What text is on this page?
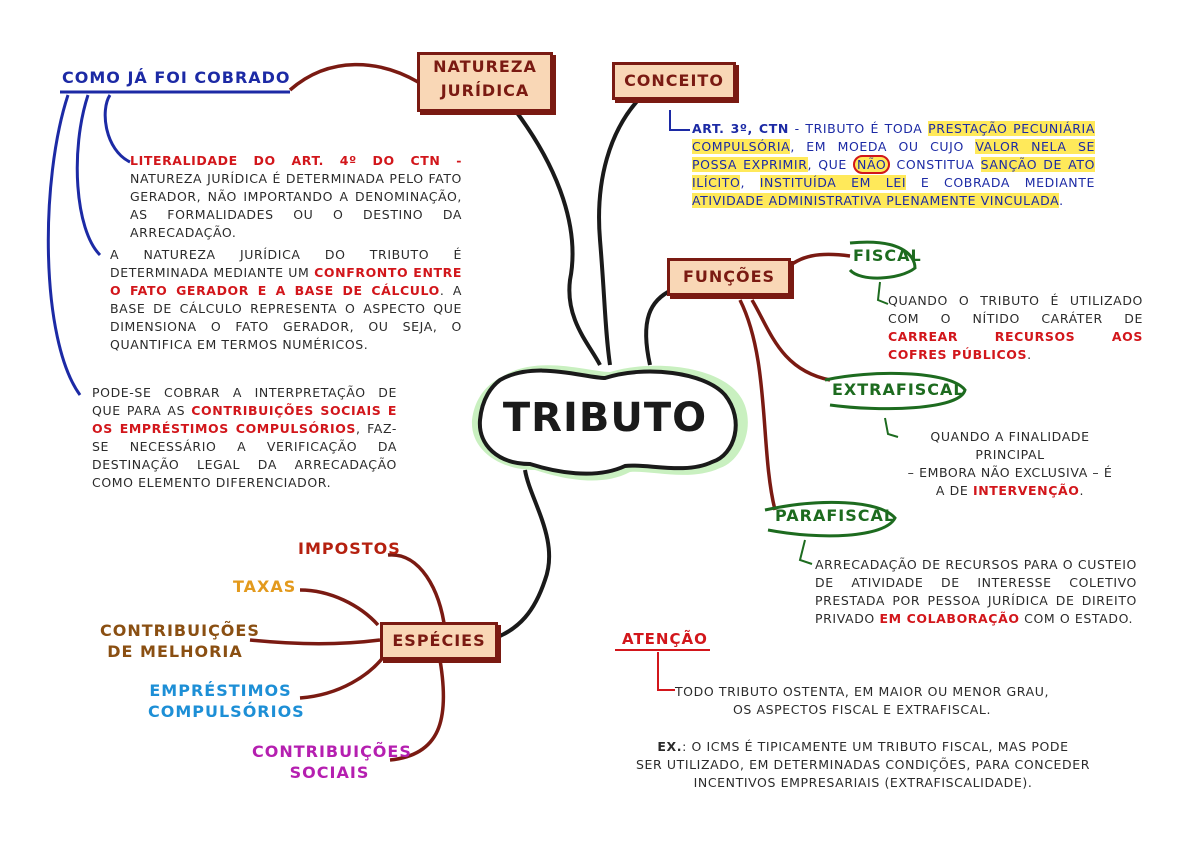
TRIBUTO
NATUREZA
JURÍDICA
COMO JÁ FOI COBRADO
LITERALIDADE DO ART. 4º DO CTN - NATUREZA JURÍDICA É DETERMINADA PELO FATO GERADOR, NÃO IMPORTANDO A DENOMINAÇÃO, AS FORMALIDADES OU O DESTINO DA ARRECADAÇÃO.
A NATUREZA JURÍDICA DO TRIBUTO É DETERMINADA MEDIANTE UM CONFRONTO ENTRE O FATO GERADOR E A BASE DE CÁLCULO. A BASE DE CÁLCULO REPRESENTA O ASPECTO QUE DIMENSIONA O FATO GERADOR, OU SEJA, O QUANTIFICA EM TERMOS NUMÉRICOS.
PODE-SE COBRAR A INTERPRETAÇÃO DE QUE PARA AS CONTRIBUIÇÕES SOCIAIS E OS EMPRÉSTIMOS COMPULSÓRIOS, FAZ-SE NECESSÁRIO A VERIFICAÇÃO DA DESTINAÇÃO LEGAL DA ARRECADAÇÃO COMO ELEMENTO DIFERENCIADOR.
CONCEITO
ART. 3º, CTN - TRIBUTO É TODA PRESTAÇÃO PECUNIÁRIA COMPULSÓRIA, EM MOEDA OU CUJO VALOR NELA SE POSSA EXPRIMIR, QUE NÃO CONSTITUA SANÇÃO DE ATO ILÍCITO, INSTITUÍDA EM LEI E COBRADA MEDIANTE ATIVIDADE ADMINISTRATIVA PLENAMENTE VINCULADA.
FUNÇÕES
FISCAL
QUANDO O TRIBUTO É UTILIZADO COM O NÍTIDO CARÁTER DE CARREAR RECURSOS AOS COFRES PÚBLICOS.
EXTRAFISCAL
QUANDO A FINALIDADE PRINCIPAL
– EMBORA NÃO EXCLUSIVA – É
A DE INTERVENÇÃO.
PARAFISCAL
ARRECADAÇÃO DE RECURSOS PARA O CUSTEIO DE ATIVIDADE DE INTERESSE COLETIVO PRESTADA POR PESSOA JURÍDICA DE DIREITO PRIVADO EM COLABORAÇÃO COM O ESTADO.
ESPÉCIES
IMPOSTOS
TAXAS
CONTRIBUIÇÕES
DE MELHORIA
EMPRÉSTIMOS
COMPULSÓRIOS
CONTRIBUIÇÕES
SOCIAIS
ATENÇÃO
TODO TRIBUTO OSTENTA, EM MAIOR OU MENOR GRAU,
OS ASPECTOS FISCAL E EXTRAFISCAL.
EX.: O ICMS É TIPICAMENTE UM TRIBUTO FISCAL, MAS PODE
SER UTILIZADO, EM DETERMINADAS CONDIÇÕES, PARA CONCEDER
INCENTIVOS EMPRESARIAIS (EXTRAFISCALIDADE).
